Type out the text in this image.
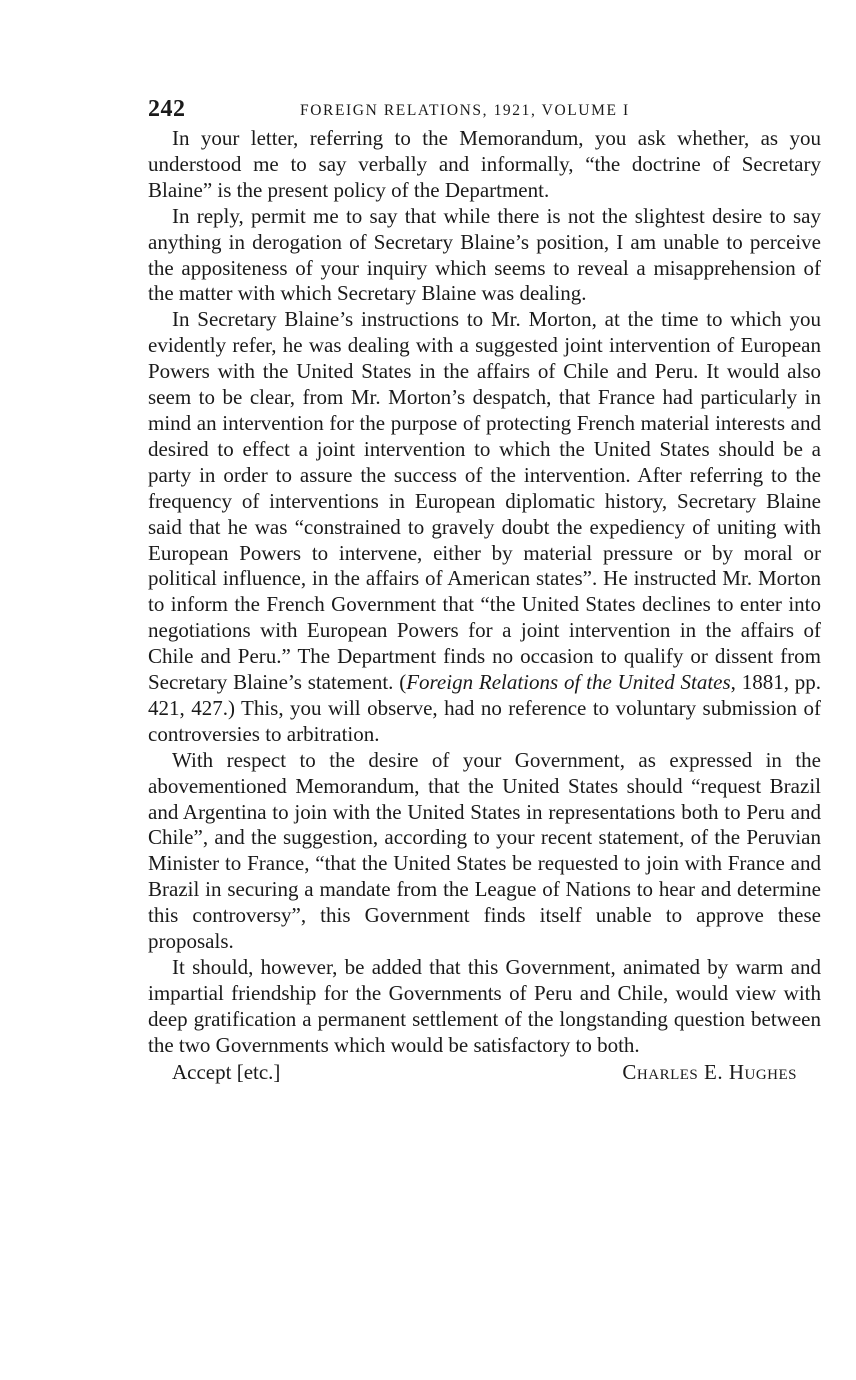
242	FOREIGN RELATIONS, 1921, VOLUME I

In your letter, referring to the Memorandum, you ask whether, as you understood me to say verbally and informally, “the doctrine of Secretary Blaine” is the present policy of the Department.

In reply, permit me to say that while there is not the slightest desire to say anything in derogation of Secretary Blaine’s position, I am unable to perceive the appositeness of your inquiry which seems to reveal a misapprehension of the matter with which Secretary Blaine was dealing.

In Secretary Blaine’s instructions to Mr. Morton, at the time to which you evidently refer, he was dealing with a suggested joint intervention of European Powers with the United States in the affairs of Chile and Peru. It would also seem to be clear, from Mr. Morton’s despatch, that France had particularly in mind an intervention for the purpose of protecting French material interests and desired to effect a joint intervention to which the United States should be a party in order to assure the success of the intervention. After referring to the frequency of interventions in European diplomatic history, Secretary Blaine said that he was “constrained to gravely doubt the expediency of uniting with European Powers to intervene, either by material pressure or by moral or political influence, in the affairs of American states”. He instructed Mr. Morton to inform the French Government that “the United States declines to enter into negotiations with European Powers for a joint intervention in the affairs of Chile and Peru.” The Department finds no occasion to qualify or dissent from Secretary Blaine’s statement. (Foreign Relations of the United States, 1881, pp. 421, 427.) This, you will observe, had no reference to voluntary submission of controversies to arbitration.

With respect to the desire of your Government, as expressed in the abovementioned Memorandum, that the United States should “request Brazil and Argentina to join with the United States in representations both to Peru and Chile”, and the suggestion, according to your recent statement, of the Peruvian Minister to France, “that the United States be requested to join with France and Brazil in securing a mandate from the League of Nations to hear and determine this controversy”, this Government finds itself unable to approve these proposals.

It should, however, be added that this Government, animated by warm and impartial friendship for the Governments of Peru and Chile, would view with deep gratification a permanent settlement of the longstanding question between the two Governments which would be satisfactory to both.

Accept [etc.]	Charles E. Hughes
